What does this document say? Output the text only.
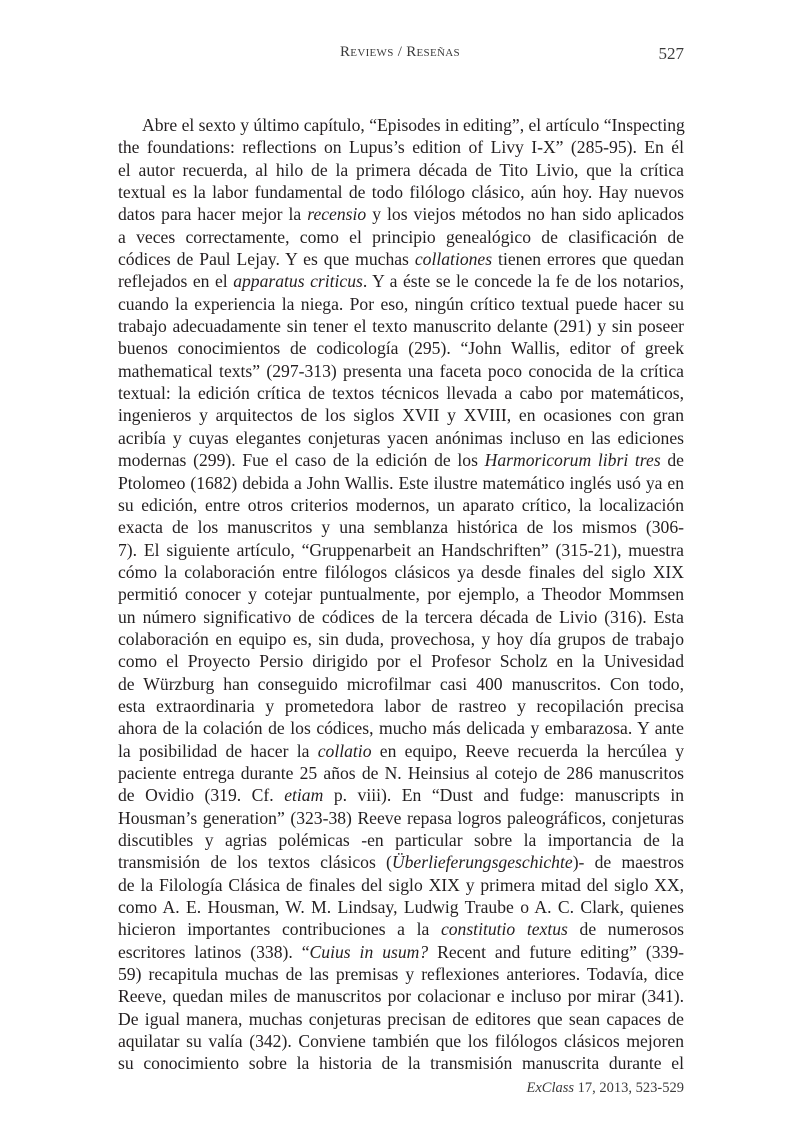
Reviews / Reseñas	527

Abre el sexto y último capítulo, “Episodes in editing”, el artículo “Inspecting
the foundations: reflections on Lupus’s edition of Livy I-X” (285-95). En él
el autor recuerda, al hilo de la primera década de Tito Livio, que la crítica
textual es la labor fundamental de todo filólogo clásico, aún hoy. Hay nuevos
datos para hacer mejor la recensio y los viejos métodos no han sido aplicados
a veces correctamente, como el principio genealógico de clasificación de
códices de Paul Lejay. Y es que muchas collationes tienen errores que quedan
reflejados en el apparatus criticus. Y a éste se le concede la fe de los notarios,
cuando la experiencia la niega. Por eso, ningún crítico textual puede hacer su
trabajo adecuadamente sin tener el texto manuscrito delante (291) y sin poseer
buenos conocimientos de codicología (295). “John Wallis, editor of greek
mathematical texts” (297-313) presenta una faceta poco conocida de la crítica
textual: la edición crítica de textos técnicos llevada a cabo por matemáticos,
ingenieros y arquitectos de los siglos XVII y XVIII, en ocasiones con gran
acribía y cuyas elegantes conjeturas yacen anónimas incluso en las ediciones
modernas (299). Fue el caso de la edición de los Harmoricorum libri tres de
Ptolomeo (1682) debida a John Wallis. Este ilustre matemático inglés usó ya en
su edición, entre otros criterios modernos, un aparato crítico, la localización
exacta de los manuscritos y una semblanza histórica de los mismos (306-
7). El siguiente artículo, “Gruppenarbeit an Handschriften” (315-21), muestra
cómo la colaboración entre filólogos clásicos ya desde finales del siglo XIX
permitió conocer y cotejar puntualmente, por ejemplo, a Theodor Mommsen
un número significativo de códices de la tercera década de Livio (316). Esta
colaboración en equipo es, sin duda, provechosa, y hoy día grupos de trabajo
como el Proyecto Persio dirigido por el Profesor Scholz en la Univesidad
de Würzburg han conseguido microfilmar casi 400 manuscritos. Con todo,
esta extraordinaria y prometedora labor de rastreo y recopilación precisa
ahora de la colación de los códices, mucho más delicada y embarazosa. Y ante
la posibilidad de hacer la collatio en equipo, Reeve recuerda la hercúlea y
paciente entrega durante 25 años de N. Heinsius al cotejo de 286 manuscritos
de Ovidio (319. Cf. etiam p. viii). En “Dust and fudge: manuscripts in
Housman’s generation” (323-38) Reeve repasa logros paleográficos, conjeturas
discutibles y agrias polémicas -en particular sobre la importancia de la
transmisión de los textos clásicos (Überlieferungsgeschichte)- de maestros
de la Filología Clásica de finales del siglo XIX y primera mitad del siglo XX,
como A. E. Housman, W. M. Lindsay, Ludwig Traube o A. C. Clark, quienes
hicieron importantes contribuciones a la constitutio textus de numerosos
escritores latinos (338). “Cuius in usum? Recent and future editing” (339-
59) recapitula muchas de las premisas y reflexiones anteriores. Todavía, dice
Reeve, quedan miles de manuscritos por colacionar e incluso por mirar (341).
De igual manera, muchas conjeturas precisan de editores que sean capaces de
aquilatar su valía (342). Conviene también que los filólogos clásicos mejoren
su conocimiento sobre la historia de la transmisión manuscrita durante el

ExClass 17, 2013, 523-529
